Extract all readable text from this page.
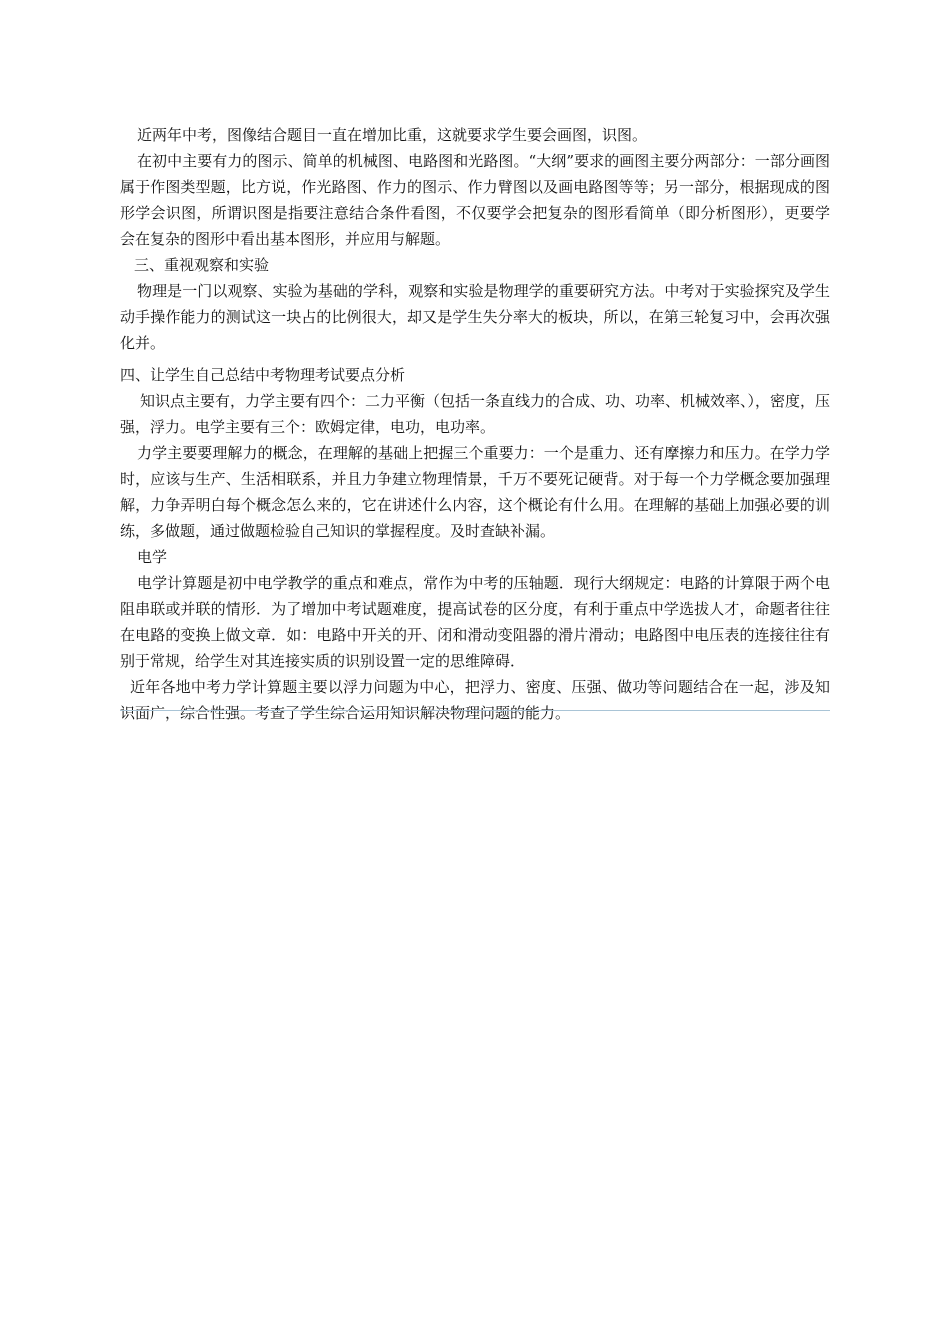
近两年中考，图像结合题目一直在增加比重，这就要求学生要会画图，识图。

在初中主要有力的图示、简单的机械图、电路图和光路图。“大纲”要求的画图主要分两部分：一部分画图属于作图类型题，比方说，作光路图、作力的图示、作力臂图以及画电路图等等；另一部分，根据现成的图形学会识图，所谓识图是指要注意结合条件看图，不仅要学会把复杂的图形看简单（即分析图形），更要学会在复杂的图形中看出基本图形，并应用与解题。

三、重视观察和实验

物理是一门以观察、实验为基础的学科，观察和实验是物理学的重要研究方法。中考对于实验探究及学生动手操作能力的测试这一块占的比例很大，却又是学生失分率大的板块，所以，在第三轮复习中，会再次强化并。

四、让学生自己总结中考物理考试要点分析

知识点主要有，力学主要有四个：二力平衡（包括一条直线力的合成、功、功率、机械效率、），密度，压强，浮力。电学主要有三个：欧姆定律，电功，电功率。

力学主要要理解力的概念，在理解的基础上把握三个重要力：一个是重力、还有摩擦力和压力。在学力学时，应该与生产、生活相联系，并且力争建立物理情景，千万不要死记硬背。对于每一个力学概念要加强理解，力争弄明白每个概念怎么来的，它在讲述什么内容，这个概论有什么用。在理解的基础上加强必要的训练，多做题，通过做题检验自己知识的掌握程度。及时查缺补漏。

电学

电学计算题是初中电学教学的重点和难点，常作为中考的压轴题．现行大纲规定：电路的计算限于两个电阻串联或并联的情形．为了增加中考试题难度，提高试卷的区分度，有利于重点中学选拔人才，命题者往往在电路的变换上做文章．如：电路中开关的开、闭和滑动变阻器的滑片滑动；电路图中电压表的连接往往有别于常规，给学生对其连接实质的识别设置一定的思维障碍．

近年各地中考力学计算题主要以浮力问题为中心，把浮力、密度、压强、做功等问题结合在一起，涉及知识面广，综合性强。考查了学生综合运用知识解决物理问题的能力。
